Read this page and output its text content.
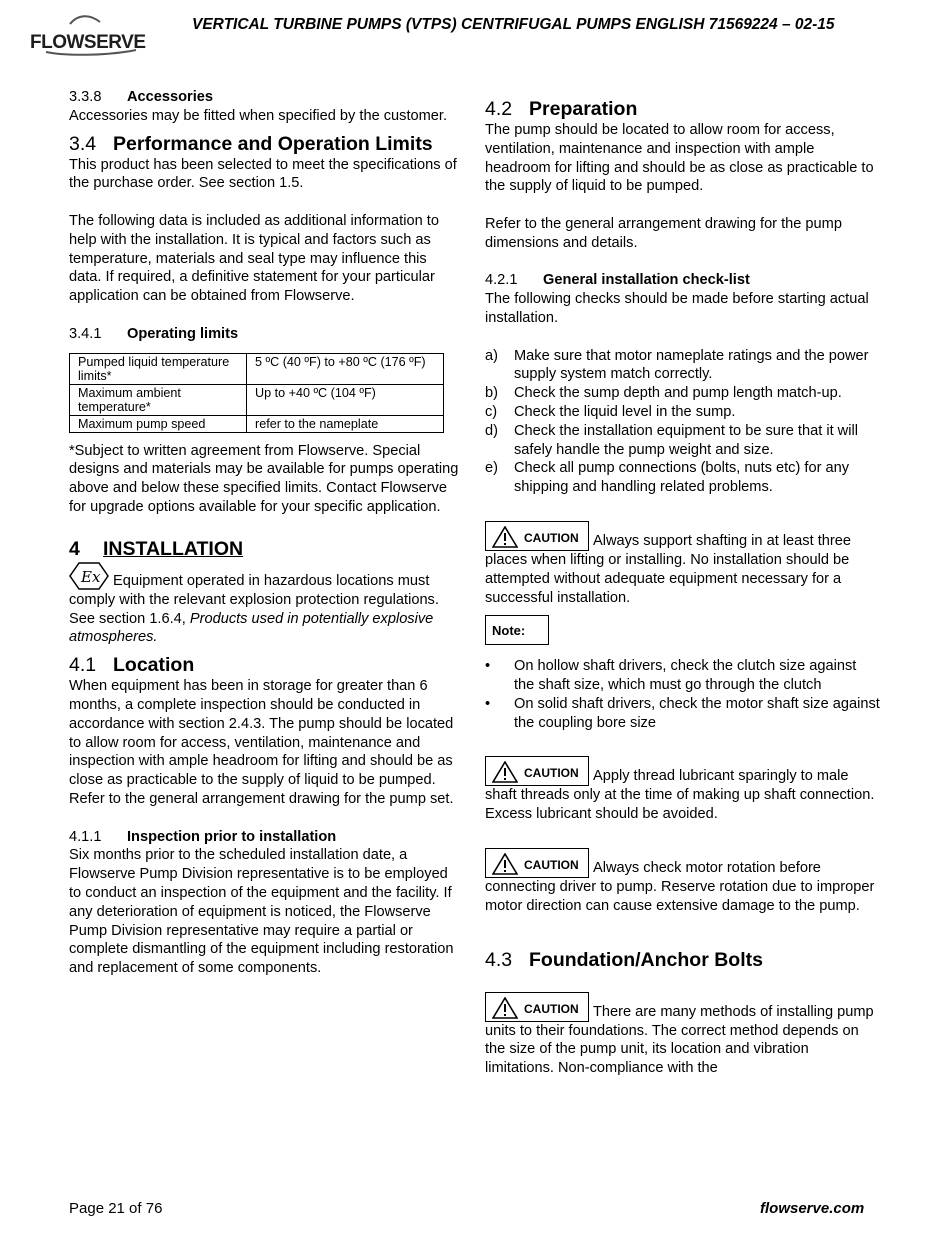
FLOWSERVE
VERTICAL TURBINE PUMPS (VTPS) CENTRIFUGAL PUMPS ENGLISH 71569224 – 02-15
3.3.8 Accessories

Accessories may be fitted when specified by the customer.

3.4 Performance and Operation Limits

This product has been selected to meet the specifications of the purchase order. See section 1.5.

The following data is included as additional information to help with the installation. It is typical and factors such as temperature, materials and seal type may influence this data. If required, a definitive statement for your particular application can be obtained from Flowserve.

3.4.1 Operating limits
Pumped liquid temperature limits*	5 ºC (40 ºF) to +80 ºC (176 ºF)
Maximum ambient temperature*	Up to +40 ºC (104 ºF)
Maximum pump speed	refer to the nameplate

*Subject to written agreement from Flowserve. Special designs and materials may be available for pumps operating above and below these specified limits. Contact Flowserve for upgrade options available for your specific application.

4 INSTALLATION

Ex Equipment operated in hazardous locations must comply with the relevant explosion protection regulations. See section 1.6.4, Products used in potentially explosive atmospheres.

4.1 Location

When equipment has been in storage for greater than 6 months, a complete inspection should be conducted in accordance with section 2.4.3. The pump should be located to allow room for access, ventilation, maintenance and inspection with ample headroom for lifting and should be as close as practicable to the supply of liquid to be pumped. Refer to the general arrangement drawing for the pump set.

4.1.1 Inspection prior to installation

Six months prior to the scheduled installation date, a Flowserve Pump Division representative is to be employed to conduct an inspection of the equipment and the facility. If any deterioration of equipment is noticed, the Flowserve Pump Division representative may require a partial or complete dismantling of the equipment including restoration and replacement of some components.

4.2 Preparation

The pump should be located to allow room for access, ventilation, maintenance and inspection with ample headroom for lifting and should be as close as practicable to the supply of liquid to be pumped.

Refer to the general arrangement drawing for the pump dimensions and details.

4.2.1 General installation check-list

The following checks should be made before starting actual installation.

a) Make sure that motor nameplate ratings and the power supply system match correctly.
b) Check the sump depth and pump length match-up.
c) Check the liquid level in the sump.
d) Check the installation equipment to be sure that it will safely handle the pump weight and size.
e) Check all pump connections (bolts, nuts etc) for any shipping and handling related problems.

CAUTION Always support shafting in at least three places when lifting or installing. No installation should be attempted without adequate equipment necessary for a successful installation.

Note:
• On hollow shaft drivers, check the clutch size against the shaft size, which must go through the clutch
• On solid shaft drivers, check the motor shaft size against the coupling bore size

CAUTION Apply thread lubricant sparingly to male shaft threads only at the time of making up shaft connection. Excess lubricant should be avoided.

CAUTION Always check motor rotation before connecting driver to pump. Reserve rotation due to improper motor direction can cause extensive damage to the pump.

4.3 Foundation/Anchor Bolts

CAUTION There are many methods of installing pump units to their foundations. The correct method depends on the size of the pump unit, its location and vibration limitations. Non-compliance with the

Page 21 of 76	flowserve.com
